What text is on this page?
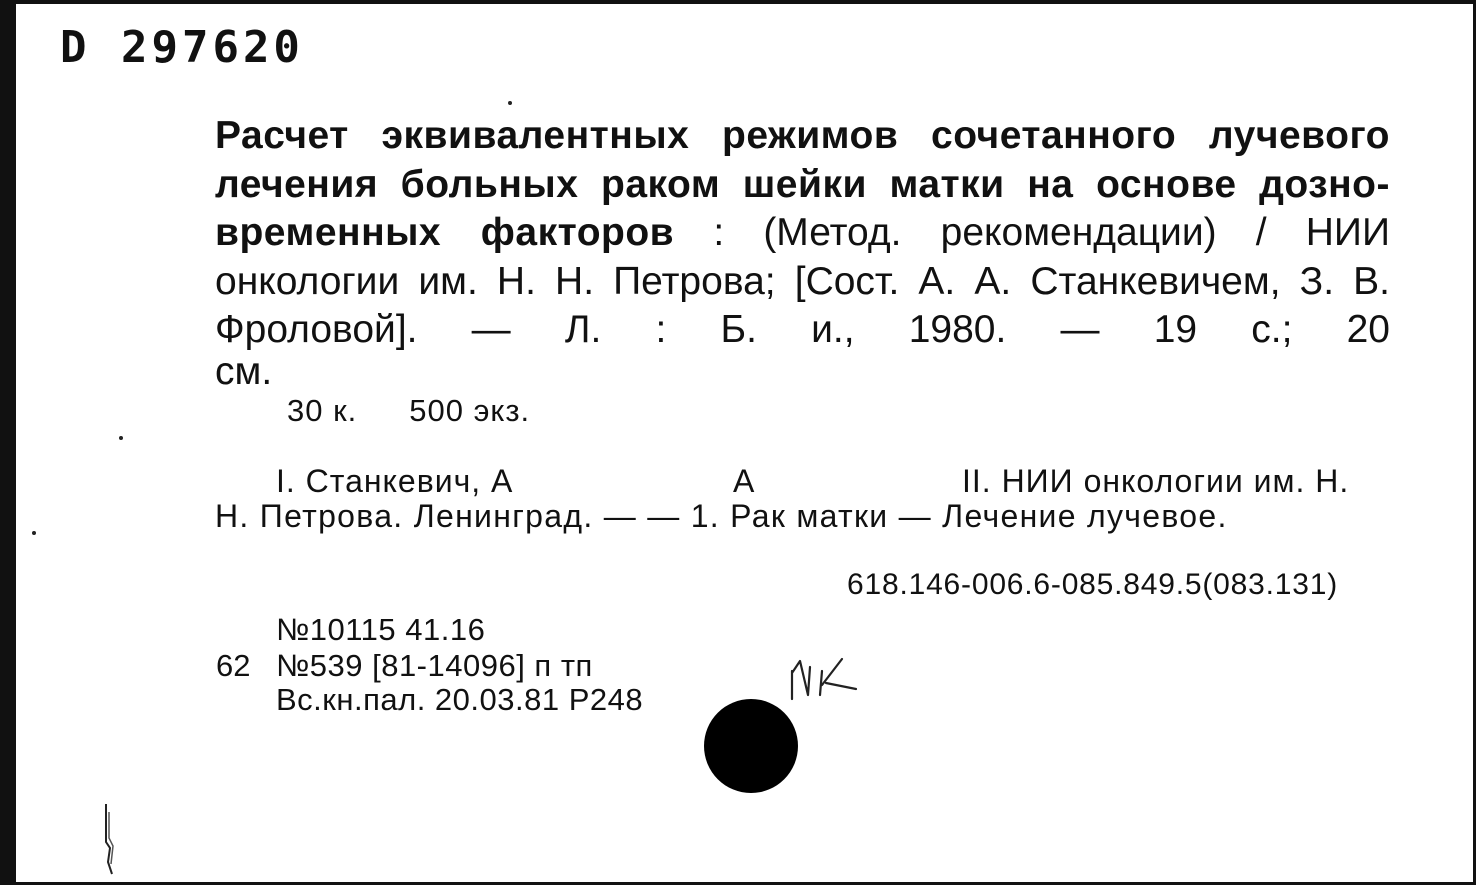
D 297620
Расчет эквивалентных режимов сочетанного лучевого лечения больных раком шейки матки на основе дозно- временных факторов : (Метод. рекомендации) / НИИ онкологии им. Н. Н. Петрова; [Сост. А. А. Станкевичем, З. В. Фроловой]. — Л. : Б. и., 1980. — 19 с.; 20
см.
30 к. 500 экз.
I. Станкевич, А	А	II. НИИ онкологии им. Н.
Н. Петрова. Ленинград. — — 1. Рак матки — Лечение лучевое.
618.146-006.6-085.849.5(083.131)
№10115 41.16
62 №539 [81-14096] п тп
Вс.кн.пал. 20.03.81 Р248
